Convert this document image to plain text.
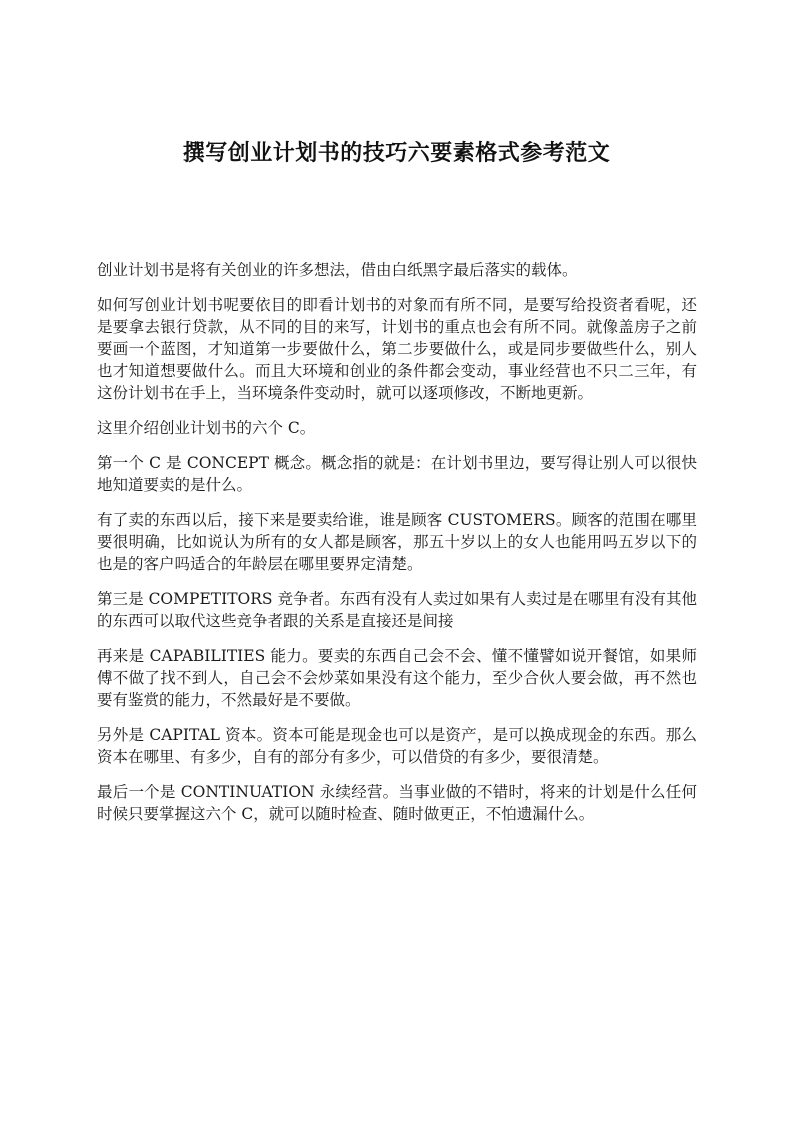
撰写创业计划书的技巧六要素格式参考范文

创业计划书是将有关创业的许多想法，借由白纸黑字最后落实的载体。

如何写创业计划书呢要依目的即看计划书的对象而有所不同，是要写给投资者看呢，还是要拿去银行贷款，从不同的目的来写，计划书的重点也会有所不同。就像盖房子之前要画一个蓝图，才知道第一步要做什么，第二步要做什么，或是同步要做些什么，别人也才知道想要做什么。而且大环境和创业的条件都会变动，事业经营也不只二三年，有这份计划书在手上，当环境条件变动时，就可以逐项修改，不断地更新。

这里介绍创业计划书的六个 C。

第一个 C 是 CONCEPT 概念。概念指的就是：在计划书里边，要写得让别人可以很快地知道要卖的是什么。

有了卖的东西以后，接下来是要卖给谁，谁是顾客 CUSTOMERS。顾客的范围在哪里要很明确，比如说认为所有的女人都是顾客，那五十岁以上的女人也能用吗五岁以下的也是的客户吗适合的年龄层在哪里要界定清楚。

第三是 COMPETITORS 竞争者。东西有没有人卖过如果有人卖过是在哪里有没有其他的东西可以取代这些竞争者跟的关系是直接还是间接

再来是 CAPABILITIES 能力。要卖的东西自己会不会、懂不懂譬如说开餐馆，如果师傅不做了找不到人，自己会不会炒菜如果没有这个能力，至少合伙人要会做，再不然也要有鉴赏的能力，不然最好是不要做。

另外是 CAPITAL 资本。资本可能是现金也可以是资产，是可以换成现金的东西。那么资本在哪里、有多少，自有的部分有多少，可以借贷的有多少，要很清楚。

最后一个是 CONTINUATION 永续经营。当事业做的不错时，将来的计划是什么任何时候只要掌握这六个 C，就可以随时检查、随时做更正，不怕遗漏什么。
